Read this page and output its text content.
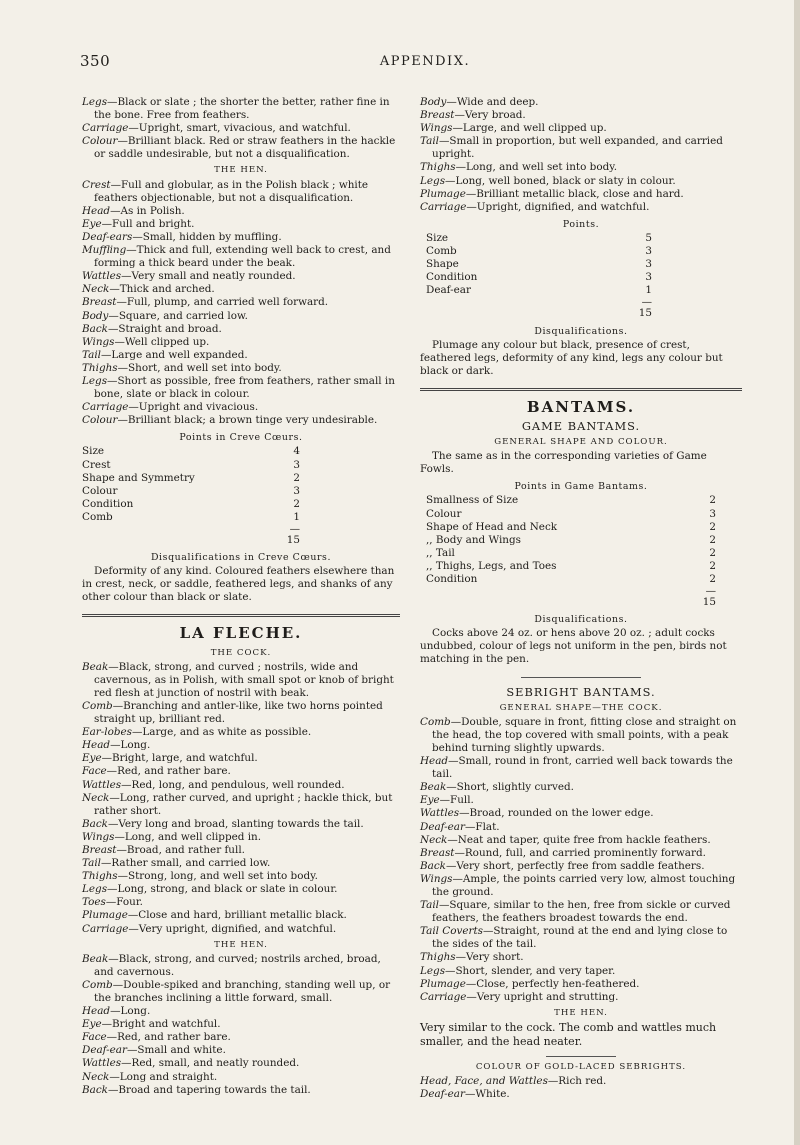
350	APPENDIX.

Legs—Black or slate ; the shorter the better, rather fine in the bone. Free from feathers.

Carriage—Upright, smart, vivacious, and watchful.

Colour—Brilliant black. Red or straw feathers in the hackle or saddle undesirable, but not a disqualification.

THE HEN.

Crest—Full and globular, as in the Polish black ; white feathers objectionable, but not a disqualification.

Head—As in Polish.

Eye—Full and bright.

Deaf-ears—Small, hidden by muffling.

Muffling—Thick and full, extending well back to crest, and forming a thick beard under the beak.

Wattles—Very small and neatly rounded.

Neck—Thick and arched.

Breast—Full, plump, and carried well forward.

Body—Square, and carried low.

Back—Straight and broad.

Wings—Well clipped up.

Tail—Large and well expanded.

Thighs—Short, and well set into body.

Legs—Short as possible, free from feathers, rather small in bone, slate or black in colour.

Carriage—Upright and vivacious.

Colour—Brilliant black; a brown tinge very undesirable.

Points in Creve Cœurs.
Size	4
Crest	3
Shape and Symmetry	2
Colour	3
Condition	2
Comb	1
—
15
Disqualifications in Creve Cœurs.

Deformity of any kind. Coloured feathers elsewhere than in crest, neck, or saddle, feathered legs, and shanks of any other colour than black or slate.

LA FLECHE.
THE COCK.

Beak—Black, strong, and curved ; nostrils, wide and cavernous, as in Polish, with small spot or knob of bright red flesh at junction of nostril with beak.

Comb—Branching and antler-like, like two horns pointed straight up, brilliant red.

Ear-lobes—Large, and as white as possible.

Head—Long.

Eye—Bright, large, and watchful.

Face—Red, and rather bare.

Wattles—Red, long, and pendulous, well rounded.

Neck—Long, rather curved, and upright ; hackle thick, but rather short.

Back—Very long and broad, slanting towards the tail.

Wings—Long, and well clipped in.

Breast—Broad, and rather full.

Tail—Rather small, and carried low.

Thighs—Strong, long, and well set into body.

Legs—Long, strong, and black or slate in colour.

Toes—Four.

Plumage—Close and hard, brilliant metallic black.

Carriage—Very upright, dignified, and watchful.

THE HEN.

Beak—Black, strong, and curved; nostrils arched, broad, and cavernous.

Comb—Double-spiked and branching, standing well up, or the branches inclining a little forward, small.

Head—Long.

Eye—Bright and watchful.

Face—Red, and rather bare.

Deaf-ear—Small and white.

Wattles—Red, small, and neatly rounded.

Neck—Long and straight.

Back—Broad and tapering towards the tail.

Body—Wide and deep.

Breast—Very broad.

Wings—Large, and well clipped up.

Tail—Small in proportion, but well expanded, and carried upright.

Thighs—Long, and well set into body.

Legs—Long, well boned, black or slaty in colour.

Plumage—Brilliant metallic black, close and hard.

Carriage—Upright, dignified, and watchful.

Points.
Size	5
Comb	3
Shape	3
Condition	3
Deaf-ear	1
—
15
Disqualifications.

Plumage any colour but black, presence of crest, feathered legs, deformity of any kind, legs any colour but black or dark.

BANTAMS.
GAME BANTAMS.
GENERAL SHAPE AND COLOUR.

The same as in the corresponding varieties of Game Fowls.

Points in Game Bantams.
Smallness of Size	2
Colour	3
Shape of Head and Neck	2
,, Body and Wings	2
,, Tail	2
,, Thighs, Legs, and Toes	2
Condition	2
—
15
Disqualifications.

Cocks above 24 oz. or hens above 20 oz. ; adult cocks undubbed, colour of legs not uniform in the pen, birds not matching in the pen.

SEBRIGHT BANTAMS.
GENERAL SHAPE—THE COCK.

Comb—Double, square in front, fitting close and straight on the head, the top covered with small points, with a peak behind turning slightly upwards.

Head—Small, round in front, carried well back towards the tail.

Beak—Short, slightly curved.

Eye—Full.

Wattles—Broad, rounded on the lower edge.

Deaf-ear—Flat.

Neck—Neat and taper, quite free from hackle feathers.

Breast—Round, full, and carried prominently forward.

Back—Very short, perfectly free from saddle feathers.

Wings—Ample, the points carried very low, almost touching the ground.

Tail—Square, similar to the hen, free from sickle or curved feathers, the feathers broadest towards the end.

Tail Coverts—Straight, round at the end and lying close to the sides of the tail.

Thighs—Very short.

Legs—Short, slender, and very taper.

Plumage—Close, perfectly hen-feathered.

Carriage—Very upright and strutting.

THE HEN.

Very similar to the cock. The comb and wattles much smaller, and the head neater.

COLOUR OF GOLD-LACED SEBRIGHTS.

Head, Face, and Wattles—Rich red.

Deaf-ear—White.
